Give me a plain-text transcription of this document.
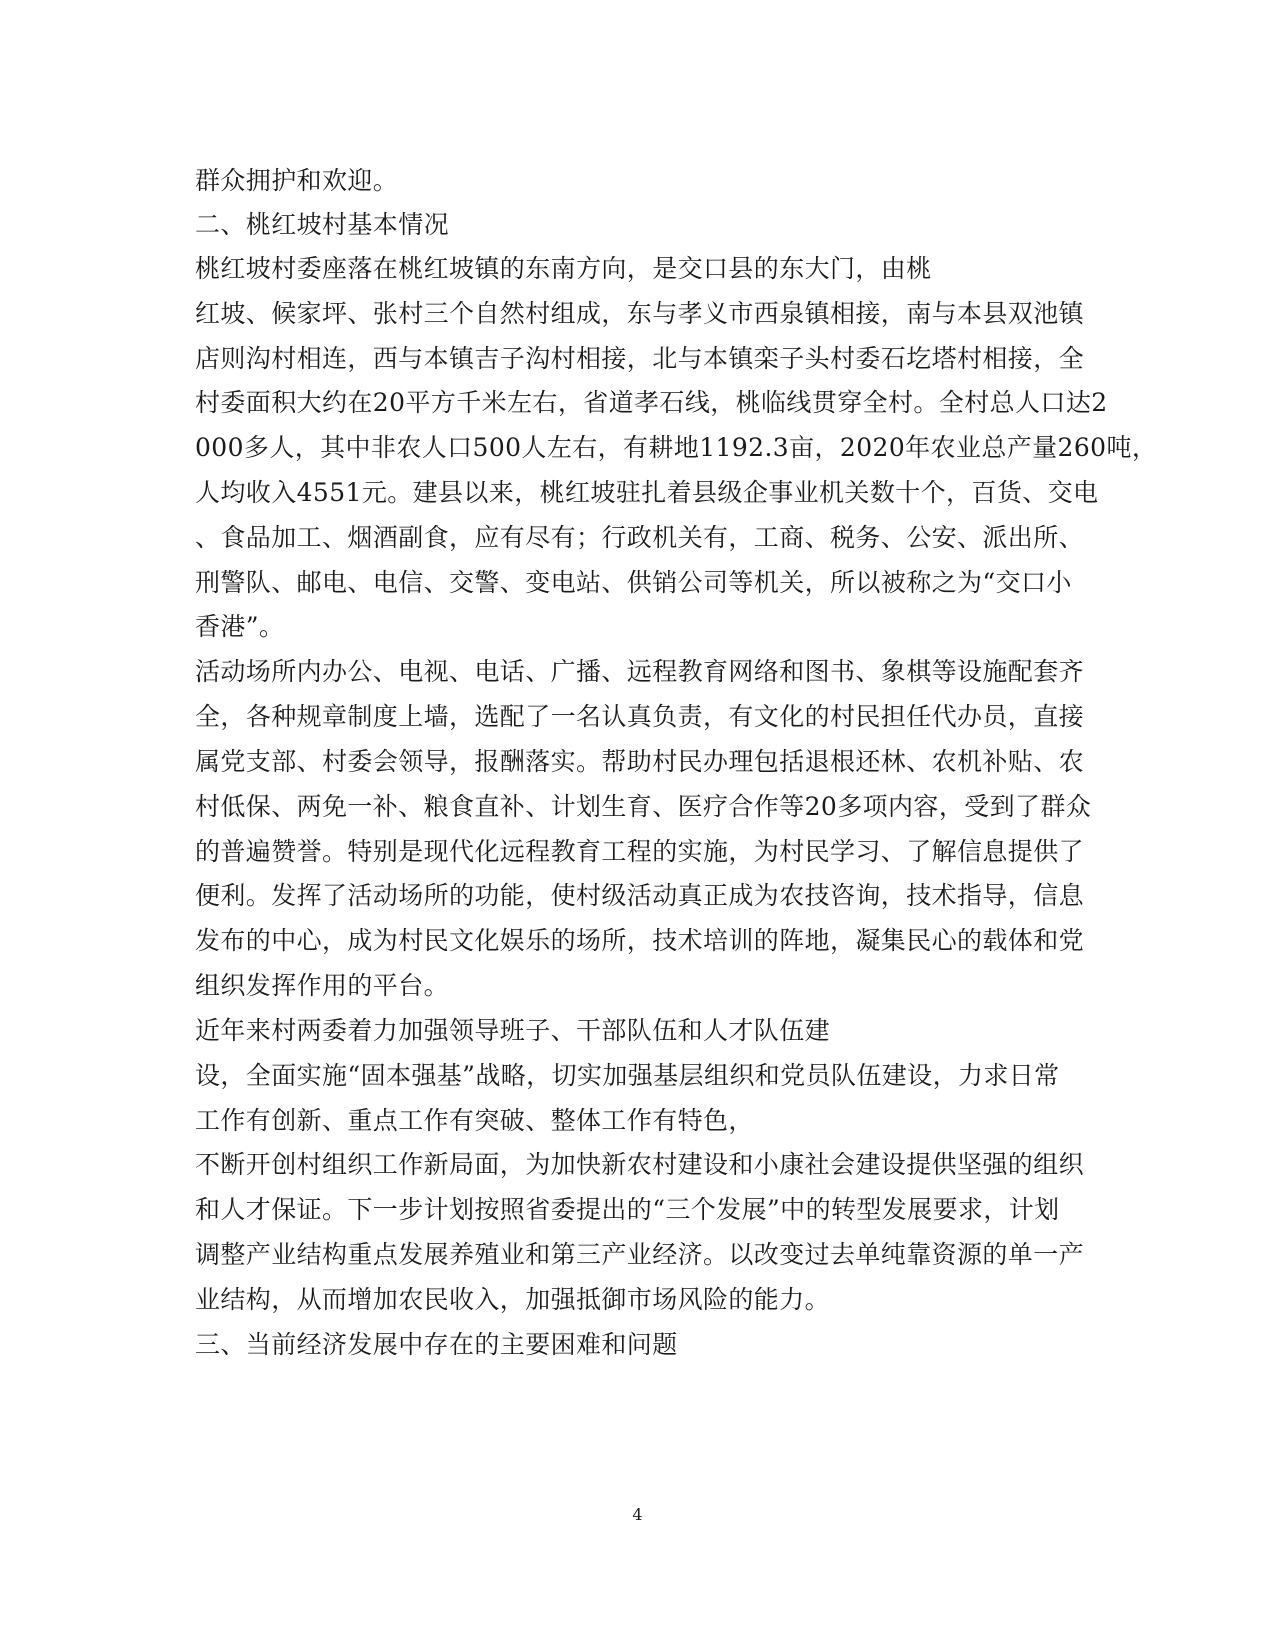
群众拥护和欢迎。
二、桃红坡村基本情况
桃红坡村委座落在桃红坡镇的东南方向，是交口县的东大门，由桃
红坡、候家坪、张村三个自然村组成，东与孝义市西泉镇相接，南与本县双池镇
店则沟村相连，西与本镇吉子沟村相接，北与本镇栾子头村委石圪塔村相接，全
村委面积大约在20平方千米左右，省道孝石线，桃临线贯穿全村。全村总人口达2
000多人，其中非农人口500人左右，有耕地1192.3亩，2020年农业总产量260吨，
人均收入4551元。建县以来，桃红坡驻扎着县级企事业机关数十个，百货、交电
、食品加工、烟酒副食，应有尽有；行政机关有，工商、税务、公安、派出所、
刑警队、邮电、电信、交警、变电站、供销公司等机关，所以被称之为“交口小
香港”。
活动场所内办公、电视、电话、广播、远程教育网络和图书、象棋等设施配套齐
全，各种规章制度上墙，选配了一名认真负责，有文化的村民担任代办员，直接
属党支部、村委会领导，报酬落实。帮助村民办理包括退根还林、农机补贴、农
村低保、两免一补、粮食直补、计划生育、医疗合作等20多项内容，受到了群众
的普遍赞誉。特别是现代化远程教育工程的实施，为村民学习、了解信息提供了
便利。发挥了活动场所的功能，使村级活动真正成为农技咨询，技术指导，信息
发布的中心，成为村民文化娱乐的场所，技术培训的阵地，凝集民心的载体和党
组织发挥作用的平台。
近年来村两委着力加强领导班子、干部队伍和人才队伍建
设，全面实施“固本强基”战略，切实加强基层组织和党员队伍建设，力求日常
工作有创新、重点工作有突破、整体工作有特色，
不断开创村组织工作新局面，为加快新农村建设和小康社会建设提供坚强的组织
和人才保证。下一步计划按照省委提出的“三个发展”中的转型发展要求，计划
调整产业结构重点发展养殖业和第三产业经济。以改变过去单纯靠资源的单一产
业结构，从而增加农民收入，加强抵御市场风险的能力。
三、当前经济发展中存在的主要困难和问题
4
